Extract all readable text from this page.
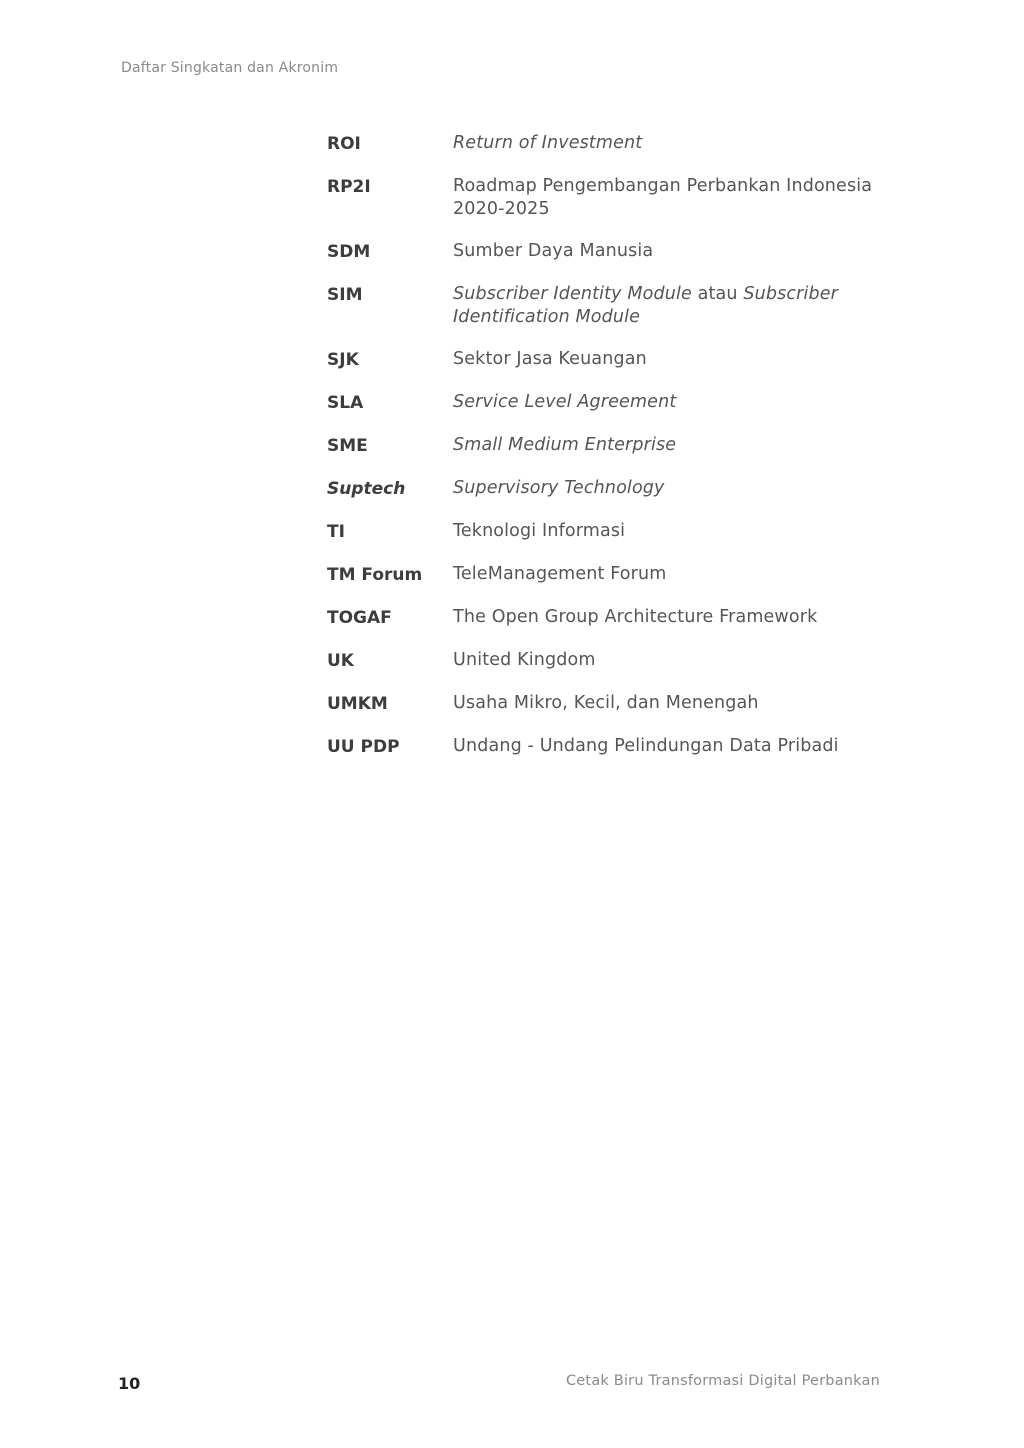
Daftar Singkatan dan Akronim
ROI	Return of Investment
RP2I	Roadmap Pengembangan Perbankan Indonesia 2020-2025
SDM	Sumber Daya Manusia
SIM	Subscriber Identity Module atau Subscriber Identification Module
SJK	Sektor Jasa Keuangan
SLA	Service Level Agreement
SME	Small Medium Enterprise
Suptech	Supervisory Technology
TI	Teknologi Informasi
TM Forum	TeleManagement Forum
TOGAF	The Open Group Architecture Framework
UK	United Kingdom
UMKM	Usaha Mikro, Kecil, dan Menengah
UU PDP	Undang - Undang Pelindungan Data Pribadi
10	Cetak Biru Transformasi Digital Perbankan
